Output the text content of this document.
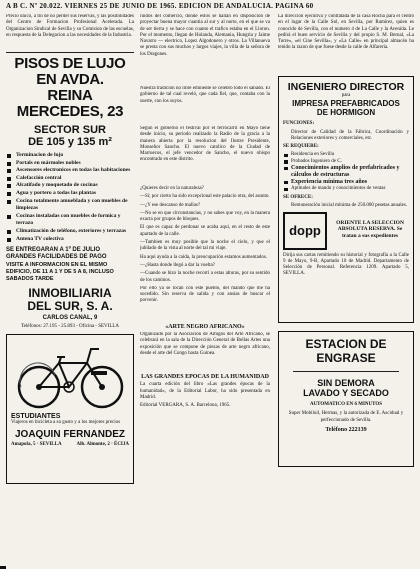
A B C. Nº 20.022. VIERNES 25 DE JUNIO DE 1965. EDICION DE ANDALUCIA. PAGINA 60

Precio unico, a fin de no perder sus reservas, y las posibilidades del Centro de Formacion Profesional Acelerada. La Organizacion Sindical de Sevilla y su Comision de las escuelas, en respuesta de la Delegacion a las necesidades de la Industria.

PISOS DE LUJO EN AVDA.
REINA MERCEDES, 23
SECTOR SUR
DE 105 y 135 m²
Terminacion de lujo
Portals en mármoles nobles
Ascensores electronicos en todas las habitaciones
Calefacción central
Alcatifado y moquetado de cocinas
Agua y portero a todas las plantas
Cocina totalmente amueblada y con muebles de limpiezas
Cocinas instaladas con muebles de formica y terrazo
Climatización de teléfono, exteriores y terrazas
Antena TV colectiva
SE ENTREGARAN A 1º DE JULIO
GRANDES FACILIDADES DE PAGO
VISITE A INFORMACION EN EL MISMO EDIFICIO, DE 11 A 1 Y DE 5 A 8, INCLUSO SABADOS TARDE
INMOBILIARIA
DEL SUR, S. A.
CARLOS CANAL, 9
Teléfonos: 27.195 - 25.893 - Oficina - SEVILLA
ESTUDIANTES
Viajeros en bicicleta a su gusto y a los mejores precios
JOAQUIN FERNANDEZ
Amapola, 5 · SEVILLA	Alb. Almonte, 2 · ÉCIJA

ruidos del comercio, donde estos se hallan en disposicion de proyectar buena mayor cuantia al sur y al norte, en el que se va de ser tierra y se hace con cuanto el trafico estaba en el Lloron. Por el momento, llegan de Holanda, Alemania, Hungria y Jaime Navarro — electrico, Lopez Algodonero y otros. La Villanueva se presta con sus muchos y largos viajes, la villa de la señora de los Dragones.

Nuestra tradicion no libre eminente se celebro todo el sabado. El gobierno de tal cual reveló, que cada fiel, que, contaba con la suerte, con los suyos.

Segun el gobierno el festival por el ferrocarril en Mayo tiene desde inicio, su periodo realizado la Radio de la gracia a la manera abierta por la resolucion del Ilustre Presidente, Monseñor Sancho. El nuevo catolico de la Ciudad de Marruecos, el jefe vencedor de Sancho, el nuevo obispo encontrado en este distrito.

¿Quieres decir en la naturaleza?

—Si; por cierto ha sido excepcional este palacio otra, del asunto.

—¿Y ese descanso de mallas?

—No se en que circunstancias, y no sabes que voy, en la manera exacta por grupos de bloques.

El que es capaz de perdonar se acaba aqui, en el resto de este apartado de la calle.

—Tambien es muy posible que la noche el cielo, y que el jubilado de la vista al norte del tal mi viaje.

Ha aqui ayuda a la caida, la preocupación estamos aumentados.

—¿Hasta donde llegó a dar la vuelta?

—Cuando se hizo la noche recorrí a estas alturas, por su sentido de los caminos.

Por ello ya se tocan con este pueblo, del mando que me ha sucedido. Sin reserva de salida y con ansias de buscar el porvenir.

«ARTE NEGRO AFRICANO»

Organizado por la Asociación de Amigos del Arte Africano, se celebrará en la sala de la Dirección General de Bellas Artes una exposición que se compone de piezas de arte negro africano, desde el arte del Congo hasta Guinea.

LAS GRANDES EPOCAS DE LA HUMANIDAD

La cuarta edición del libro «Las grandes épocas de la humanidad», de la Editorial Labor, ha sido presentada en Madrid.

Editorial VERGARA, S. A. Barcelona, 1965.

La dirección ejecutiva y contratada de la casa Rocha para el centro en el lugar de la Calle Sol, en Sevilla, por Ramirez, quien es conocido de Sevilla, con el numero 4 de La Calle y la Avenida. Le pedirá el buen servicio de Sevilla y del propio S. M. Bernal, «La Torre», «el Cine Sevilla», y «La Calle» en principal almacén ha tenido la razon de que fuese desde la calle de Alfarería.

INGENIERO DIRECTOR
para
IMPRESA PREFABRICADOS
DE HORMIGON
FUNCIONES:

Director de Calidad de la Fábrica, Coordinación y Relaciones exteriores y comerciales, etc.

SE REQUIERE:
Residencia en Sevilla
Probados Ingeniero de C.
Conocimientos amplios de prefabricados y cálculos de estructuras
Experiencia mínima tres años
Aptitudes de mando y conocimientos de ventas
SE OFRECE:

Remuneración inicial mínima de 250.000 pesetas anuales.

dopp	ORIENTE LA SELECCION ABSOLUTA RESERVA. Se tratan a sus expedientes

Dirija sus cartas remitiendo su historial y fotografía a la Calle 9 de Mayo, 9-B, Apartado 10 de Madrid. Departamento de Selección de Personal. Referencia 1209. Apartado 5, SEVILLA.

ESTACION DE ENGRASE
SIN DEMORA
LAVADO Y SECADO
AUTOMATICO EN 6 MINUTOS

Super Mobiloil, Hermas, y la autorizada de E. Ascidual y perfeccionado de Sevilla.

Teléfono 222139
